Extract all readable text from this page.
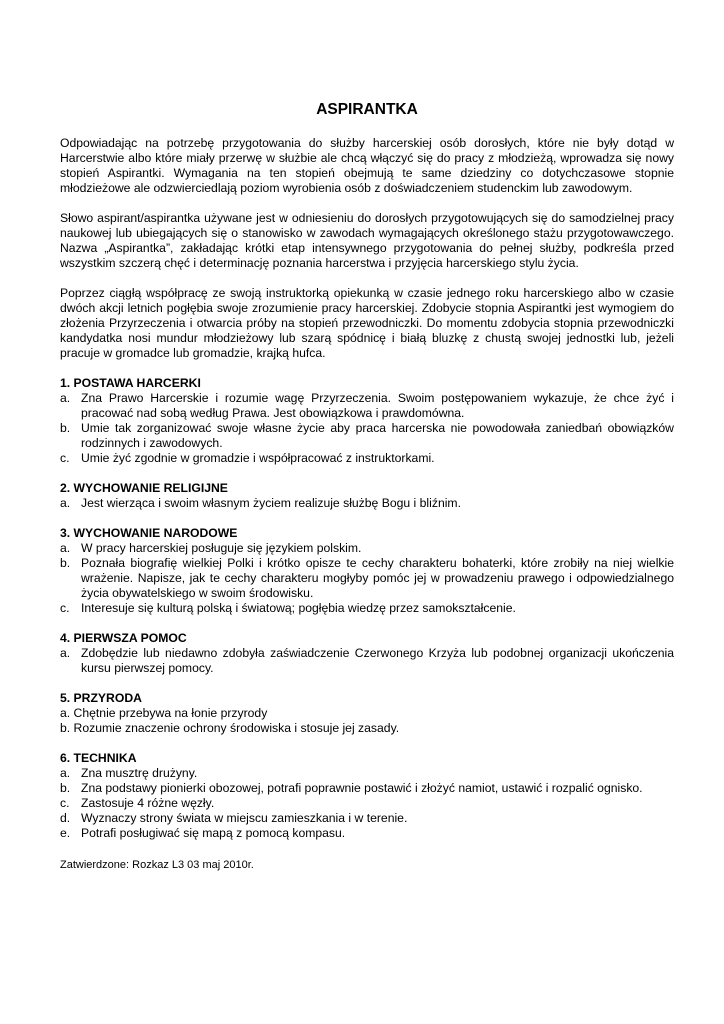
ASPIRANTKA

Odpowiadając na potrzebę przygotowania do służby harcerskiej osób dorosłych, które nie były dotąd w Harcerstwie albo które miały przerwę w służbie ale chcą włączyć się do pracy z młodzieżą, wprowadza się nowy stopień Aspirantki. Wymagania na ten stopień obejmują te same dziedziny co dotychczasowe stopnie młodzieżowe ale odzwierciedlają poziom wyrobienia osób z doświadczeniem studenckim lub zawodowym.

Słowo aspirant/aspirantka używane jest w odniesieniu do dorosłych przygotowujących się do samodzielnej pracy naukowej lub ubiegających się o stanowisko w zawodach wymagających określonego stażu przygotowawczego. Nazwa „Aspirantka”, zakładając krótki etap intensywnego przygotowania do pełnej służby, podkreśla przed wszystkim szczerą chęć i determinację poznania harcerstwa i przyjęcia harcerskiego stylu życia.

Poprzez ciągłą współpracę ze swoją instruktorką opiekunką w czasie jednego roku harcerskiego albo w czasie dwóch akcji letnich pogłębia swoje zrozumienie pracy harcerskiej. Zdobycie stopnia Aspirantki jest wymogiem do złożenia Przyrzeczenia i otwarcia próby na stopień przewodniczki. Do momentu zdobycia stopnia przewodniczki kandydatka nosi mundur młodzieżowy lub szarą spódnicę i białą bluzkę z chustą swojej jednostki lub, jeżeli pracuje w gromadce lub gromadzie, krajką hufca.

1. POSTAWA HARCERKI
a. Zna Prawo Harcerskie i rozumie wagę Przyrzeczenia. Swoim postępowaniem wykazuje, że chce żyć i pracować nad sobą według Prawa. Jest obowiązkowa i prawdomówna.
b. Umie tak zorganizować swoje własne życie aby praca harcerska nie powodowała zaniedbań obowiązków rodzinnych i zawodowych.
c. Umie żyć zgodnie w gromadzie i współpracować z instruktorkami.
2. WYCHOWANIE RELIGIJNE
a. Jest wierząca i swoim własnym życiem realizuje służbę Bogu i bliźnim.
3. WYCHOWANIE NARODOWE
a. W pracy harcerskiej posługuje się językiem polskim.
b. Poznała biografię wielkiej Polki i krótko opisze te cechy charakteru bohaterki, które zrobiły na niej wielkie wrażenie. Napisze, jak te cechy charakteru mogłyby pomóc jej w prowadzeniu prawego i odpowiedzialnego życia obywatelskiego w swoim środowisku.
c. Interesuje się kulturą polską i światową; pogłębia wiedzę przez samokształcenie.
4. PIERWSZA POMOC
a. Zdobędzie lub niedawno zdobyła zaświadczenie Czerwonego Krzyża lub podobnej organizacji ukończenia kursu pierwszej pomocy.
5. PRZYRODA
a. Chętnie przebywa na łonie przyrody
b. Rozumie znaczenie ochrony środowiska i stosuje jej zasady.
6. TECHNIKA
a. Zna musztrę drużyny.
b. Zna podstawy pionierki obozowej, potrafi poprawnie postawić i złożyć namiot, ustawić i rozpalić ognisko.
c. Zastosuje 4 różne węzły.
d. Wyznaczy strony świata w miejscu zamieszkania i w terenie.
e. Potrafi posługiwać się mapą z pomocą kompasu.
Zatwierdzone: Rozkaz L3 03 maj 2010r.
